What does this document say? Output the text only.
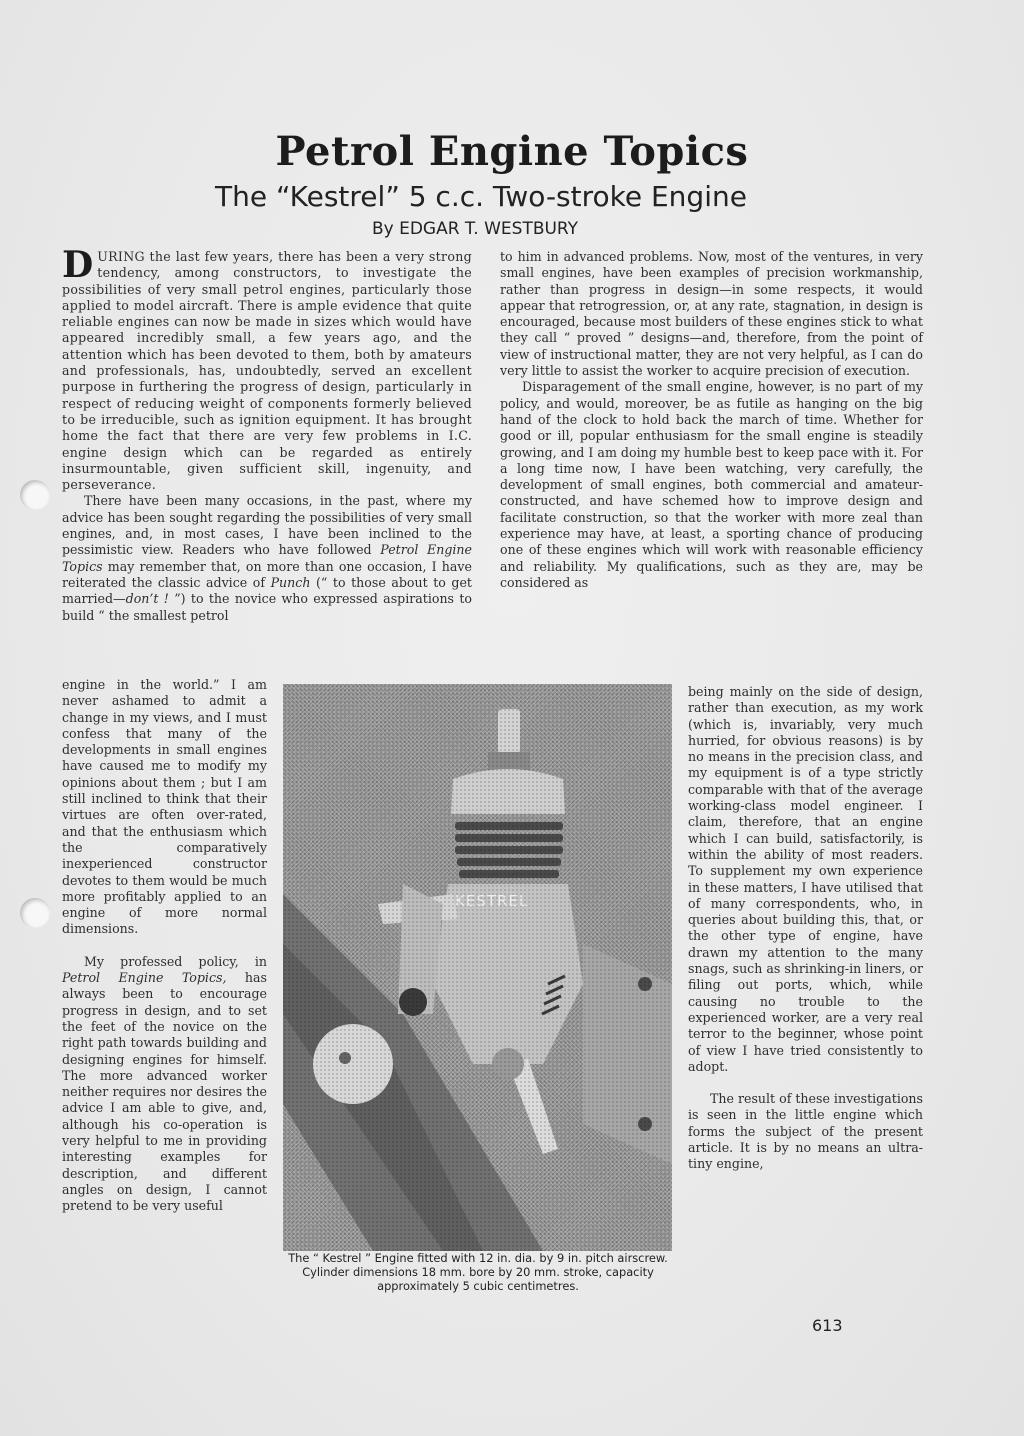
Petrol Engine Topics
The “Kestrel” 5 c.c. Two-stroke Engine
By EDGAR T. WESTBURY

DURING the last few years, there has been a very strong tendency, among constructors, to investigate the possibilities of very small petrol engines, particularly those applied to model aircraft. There is ample evidence that quite reliable engines can now be made in sizes which would have appeared incredibly small, a few years ago, and the attention which has been devoted to them, both by amateurs and professionals, has, undoubtedly, served an excellent purpose in furthering the progress of design, particularly in respect of reducing weight of components formerly believed to be irreducible, such as ignition equipment. It has brought home the fact that there are very few problems in I.C. engine design which can be regarded as entirely insurmountable, given sufficient skill, ingenuity, and perseverance.

There have been many occasions, in the past, where my advice has been sought regarding the possibilities of very small engines, and, in most cases, I have been inclined to the pessimistic view. Readers who have followed Petrol Engine Topics may remember that, on more than one occasion, I have reiterated the classic advice of Punch (“ to those about to get married—don’t ! ”) to the novice who expressed aspirations to build “ the smallest petrol

engine in the world.” I am never ashamed to admit a change in my views, and I must confess that many of the developments in small engines have caused me to modify my opinions about them ; but I am still inclined to think that their virtues are often over-rated, and that the enthusiasm which the comparatively inexperienced constructor devotes to them would be much more profitably applied to an engine of more normal dimensions.

My professed policy, in Petrol Engine Topics, has always been to encourage progress in design, and to set the feet of the novice on the right path towards building and designing engines for himself. The more advanced worker neither requires nor desires the advice I am able to give, and, although his co-operation is very helpful to me in providing interesting examples for description, and different angles on design, I cannot pretend to be very useful

to him in advanced problems. Now, most of the ventures, in very small engines, have been examples of precision workmanship, rather than progress in design—in some respects, it would appear that retrogression, or, at any rate, stagnation, in design is encouraged, because most builders of these engines stick to what they call “ proved ” designs—and, therefore, from the point of view of instructional matter, they are not very helpful, as I can do very little to assist the worker to acquire precision of execution.

Disparagement of the small engine, however, is no part of my policy, and would, moreover, be as futile as hanging on the big hand of the clock to hold back the march of time. Whether for good or ill, popular enthusiasm for the small engine is steadily growing, and I am doing my humble best to keep pace with it. For a long time now, I have been watching, very carefully, the development of small engines, both commercial and amateur-constructed, and have schemed how to improve design and facilitate construction, so that the worker with more zeal than experience may have, at least, a sporting chance of producing one of these engines which will work with reasonable efficiency and reliability. My qualifications, such as they are, may be considered as

being mainly on the side of design, rather than execution, as my work (which is, invariably, very much hurried, for obvious reasons) is by no means in the precision class, and my equipment is of a type strictly comparable with that of the average working-class model engineer. I claim, therefore, that an engine which I can build, satisfactorily, is within the ability of most readers. To supplement my own experience in these matters, I have utilised that of many correspondents, who, in queries about building this, that, or the other type of engine, have drawn my attention to the many snags, such as shrinking-in liners, or filing out ports, which, while causing no trouble to the experienced worker, are a very real terror to the beginner, whose point of view I have tried consistently to adopt.

The result of these investigations is seen in the little engine which forms the subject of the present article. It is by no means an ultra-tiny engine,

The “ Kestrel ” Engine fitted with 12 in. dia. by 9 in. pitch airscrew. Cylinder dimensions 18 mm. bore by 20 mm. stroke, capacity approximately 5 cubic centimetres.
613
